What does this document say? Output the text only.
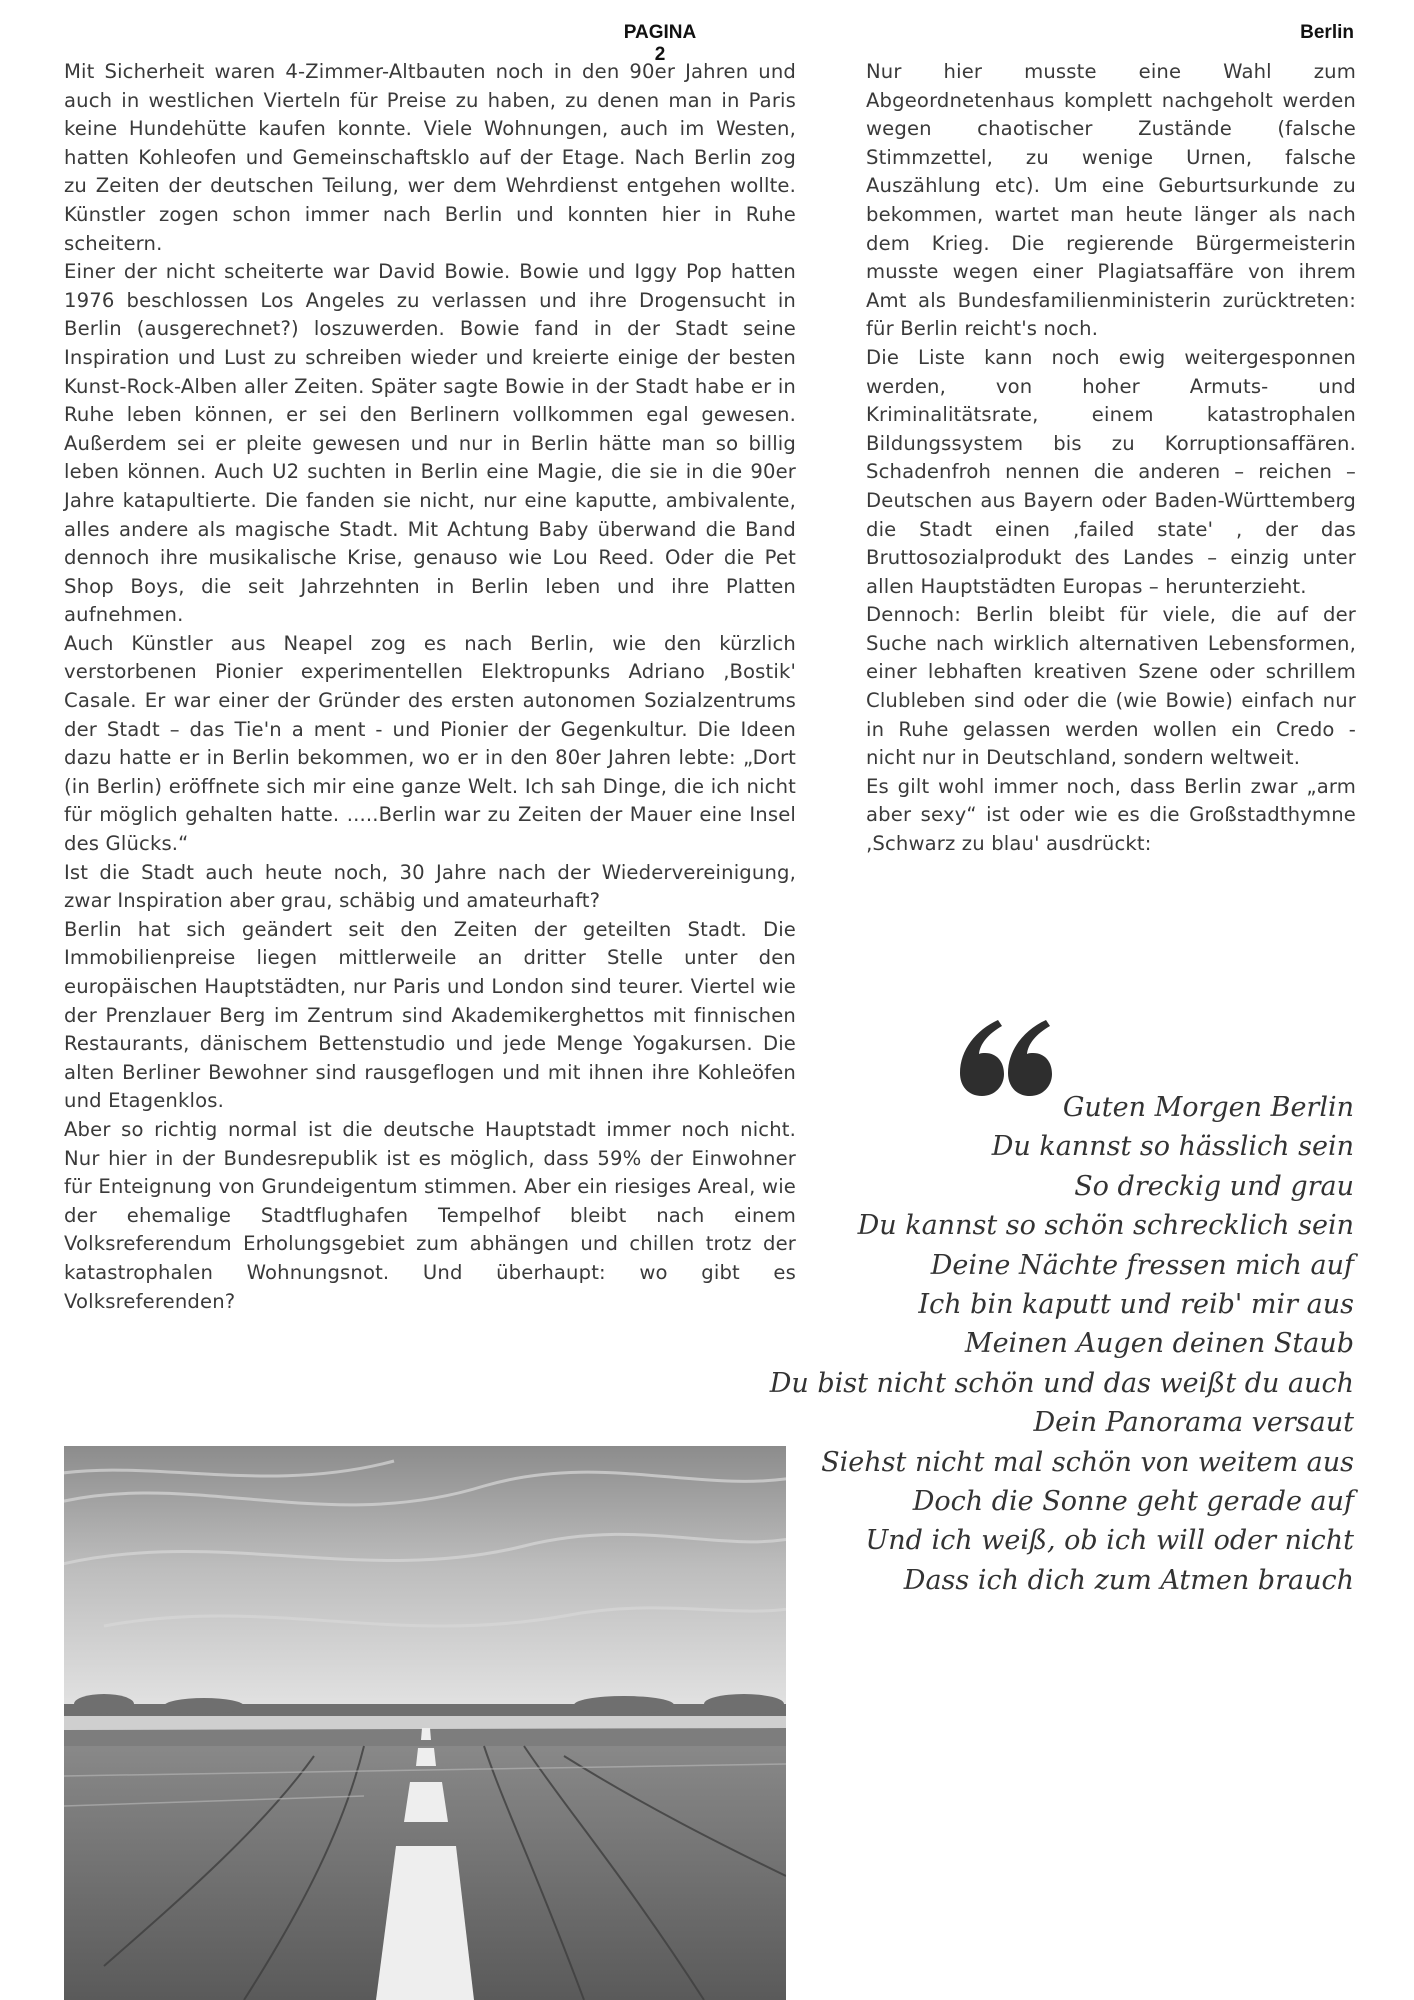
PAGINA 2
Berlin

Mit Sicherheit waren 4-Zimmer-Altbauten noch in den 90er Jahren und auch in westlichen Vierteln für Preise zu haben, zu denen man in Paris keine Hundehütte kaufen konnte. Viele Wohnungen, auch im Westen, hatten Kohleofen und Gemeinschaftsklo auf der Etage. Nach Berlin zog zu Zeiten der deutschen Teilung, wer dem Wehrdienst entgehen wollte. Künstler zogen schon immer nach Berlin und konnten hier in Ruhe scheitern.

Einer der nicht scheiterte war David Bowie. Bowie und Iggy Pop hatten 1976 beschlossen Los Angeles zu verlassen und ihre Drogensucht in Berlin (ausgerechnet?) loszuwerden. Bowie fand in der Stadt seine Inspiration und Lust zu schreiben wieder und kreierte einige der besten Kunst-Rock-Alben aller Zeiten. Später sagte Bowie in der Stadt habe er in Ruhe leben können, er sei den Berlinern vollkommen egal gewesen. Außerdem sei er pleite gewesen und nur in Berlin hätte man so billig leben können. Auch U2 suchten in Berlin eine Magie, die sie in die 90er Jahre katapultierte. Die fanden sie nicht, nur eine kaputte, ambivalente, alles andere als magische Stadt. Mit Achtung Baby überwand die Band dennoch ihre musikalische Krise, genauso wie Lou Reed. Oder die Pet Shop Boys, die seit Jahrzehnten in Berlin leben und ihre Platten aufnehmen.

Auch Künstler aus Neapel zog es nach Berlin, wie den kürzlich verstorbenen Pionier experimentellen Elektropunks Adriano ‚Bostik' Casale. Er war einer der Gründer des ersten autonomen Sozialzentrums der Stadt – das Tie'n a ment - und Pionier der Gegenkultur. Die Ideen dazu hatte er in Berlin bekommen, wo er in den 80er Jahren lebte: „Dort (in Berlin) eröffnete sich mir eine ganze Welt. Ich sah Dinge, die ich nicht für möglich gehalten hatte. .....Berlin war zu Zeiten der Mauer eine Insel des Glücks.“

Ist die Stadt auch heute noch, 30 Jahre nach der Wiedervereinigung, zwar Inspiration aber grau, schäbig und amateurhaft?

Berlin hat sich geändert seit den Zeiten der geteilten Stadt. Die Immobilienpreise liegen mittlerweile an dritter Stelle unter den europäischen Hauptstädten, nur Paris und London sind teurer. Viertel wie der Prenzlauer Berg im Zentrum sind Akademikerghettos mit finnischen Restaurants, dänischem Bettenstudio und jede Menge Yogakursen. Die alten Berliner Bewohner sind rausgeflogen und mit ihnen ihre Kohleöfen und Etagenklos.

Aber so richtig normal ist die deutsche Hauptstadt immer noch nicht. Nur hier in der Bundesrepublik ist es möglich, dass 59% der Einwohner für Enteignung von Grundeigentum stimmen. Aber ein riesiges Areal, wie der ehemalige Stadtflughafen Tempelhof bleibt nach einem Volksreferendum Erholungsgebiet zum abhängen und chillen trotz der katastrophalen Wohnungsnot. Und überhaupt: wo gibt es Volksreferenden?

Nur hier musste eine Wahl zum Abgeordnetenhaus komplett nachgeholt werden wegen chaotischer Zustände (falsche Stimmzettel, zu wenige Urnen, falsche Auszählung etc). Um eine Geburtsurkunde zu bekommen, wartet man heute länger als nach dem Krieg. Die regierende Bürgermeisterin musste wegen einer Plagiatsaffäre von ihrem Amt als Bundesfamilienministerin zurücktreten: für Berlin reicht's noch.

Die Liste kann noch ewig weitergesponnen werden, von hoher Armuts- und Kriminalitätsrate, einem katastrophalen Bildungssystem bis zu Korruptionsaffären. Schadenfroh nennen die anderen – reichen – Deutschen aus Bayern oder Baden-Württemberg die Stadt einen ‚failed state' , der das Bruttosozialprodukt des Landes – einzig unter allen Hauptstädten Europas – herunterzieht.

Dennoch: Berlin bleibt für viele, die auf der Suche nach wirklich alternativen Lebensformen, einer lebhaften kreativen Szene oder schrillem Clubleben sind oder die (wie Bowie) einfach nur in Ruhe gelassen werden wollen ein Credo - nicht nur in Deutschland, sondern weltweit.

Es gilt wohl immer noch, dass Berlin zwar „arm aber sexy“ ist oder wie es die Großstadthymne ‚Schwarz zu blau' ausdrückt:

Guten Morgen Berlin
Du kannst so hässlich sein
So dreckig und grau
Du kannst so schön schrecklich sein
Deine Nächte fressen mich auf
Ich bin kaputt und reib' mir aus
Meinen Augen deinen Staub
Du bist nicht schön und das weißt du auch
Dein Panorama versaut
Siehst nicht mal schön von weitem aus
Doch die Sonne geht gerade auf
Und ich weiß, ob ich will oder nicht
Dass ich dich zum Atmen brauch
